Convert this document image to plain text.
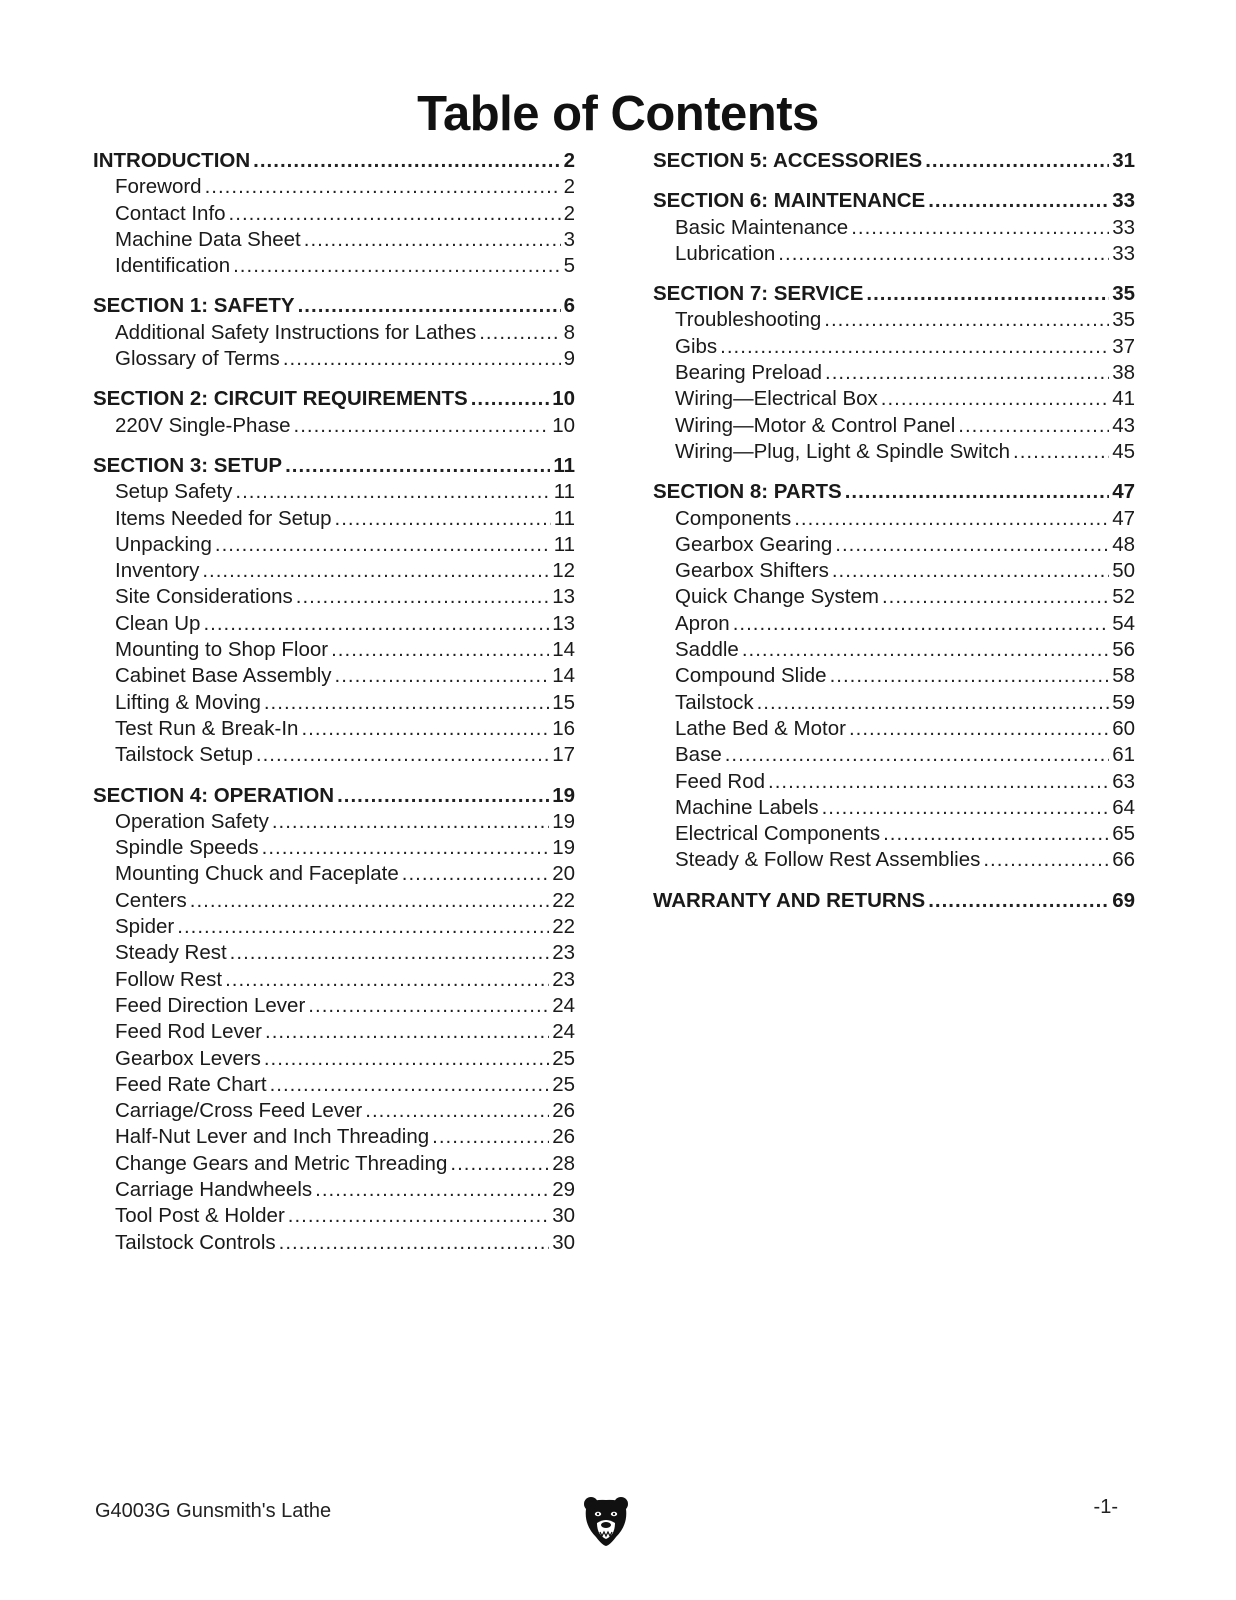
Table of Contents
INTRODUCTION .....	2
Foreword .....	2
Contact Info .....	2
Machine Data Sheet .....	3
Identification .....	5
SECTION 1: SAFETY .....	6
Additional Safety Instructions for Lathes .....	8
Glossary of Terms .....	9
SECTION 2: CIRCUIT REQUIREMENTS .....	10
220V Single-Phase .....	10
SECTION 3: SETUP .....	11
Setup Safety .....	11
Items Needed for Setup .....	11
Unpacking .....	11
Inventory .....	12
Site Considerations .....	13
Clean Up .....	13
Mounting to Shop Floor .....	14
Cabinet Base Assembly .....	14
Lifting & Moving .....	15
Test Run & Break-In .....	16
Tailstock Setup .....	17
SECTION 4: OPERATION .....	19
Operation Safety .....	19
Spindle Speeds .....	19
Mounting Chuck and Faceplate .....	20
Centers .....	22
Spider .....	22
Steady Rest .....	23
Follow Rest .....	23
Feed Direction Lever .....	24
Feed Rod Lever .....	24
Gearbox Levers .....	25
Feed Rate Chart .....	25
Carriage/Cross Feed Lever .....	26
Half-Nut Lever and Inch Threading .....	26
Change Gears and Metric Threading .....	28
Carriage Handwheels .....	29
Tool Post & Holder .....	30
Tailstock Controls .....	30
SECTION 5: ACCESSORIES .....	31
SECTION 6: MAINTENANCE .....	33
Basic Maintenance .....	33
Lubrication .....	33
SECTION 7: SERVICE .....	35
Troubleshooting .....	35
Gibs .....	37
Bearing Preload .....	38
Wiring—Electrical Box .....	41
Wiring—Motor & Control Panel .....	43
Wiring—Plug, Light & Spindle Switch .....	45
SECTION 8: PARTS .....	47
Components .....	47
Gearbox Gearing .....	48
Gearbox Shifters .....	50
Quick Change System .....	52
Apron .....	54
Saddle .....	56
Compound Slide .....	58
Tailstock .....	59
Lathe Bed & Motor .....	60
Base .....	61
Feed Rod .....	63
Machine Labels .....	64
Electrical Components .....	65
Steady & Follow Rest Assemblies .....	66
WARRANTY AND RETURNS .....	69
G4003G Gunsmith's Lathe	-1-
